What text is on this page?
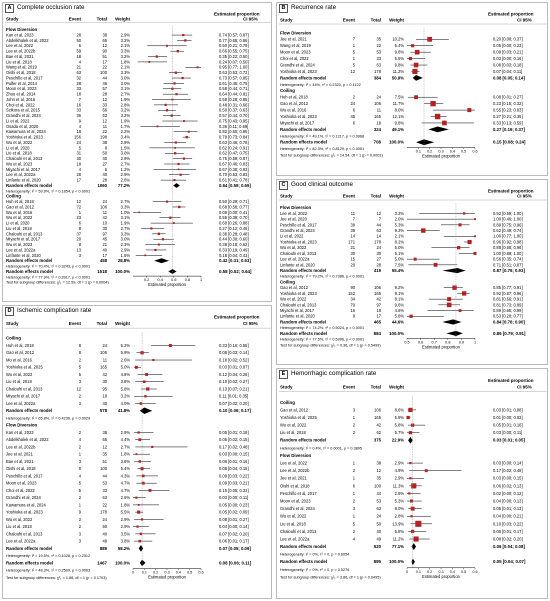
A Complete occlusion rate
Study	Event	Total Weight
Estimated proportion
CI 95%
Flow Diversion
Kan et al, 2023	28	38	2.9%	0.74 [0.57; 0.87]
Abdelkhalek et al, 2022	50	65	3.2%	0.77 [0.65; 0.86]
Lee et al, 2022	6	12	2.1%	0.50 [0.21; 0.79]
Lee et al, 2022b	59	90	3.3%	0.66 [0.55; 0.75]
Bae et al, 2021	18	51	3.2%	0.35 [0.22; 0.50]
Liu et al, 2018	4	17	1.8%	0.24 [0.07; 0.50]
Wang et al, 2019	21	22	2.1%	0.95 [0.77; 1.00]
Oishi et al, 2018	63	100	3.3%	0.63 [0.53; 0.72]
Peschillo et al, 2017	32	44	3.0%	0.73 [0.57; 0.85]
Pulfer et al, 2014	28	46	3.0%	0.61 [0.45; 0.75]
Moon et al, 2023	33	57	3.1%	0.58 [0.44; 0.71]
Zhou et al, 2014	18	28	2.7%	0.64 [0.44; 0.81]
John et al, 2016	7	12	1.9%	0.58 [0.28; 0.85]
Choi et al, 2022	16	33	2.8%	0.48 [0.31; 0.66]
Szikora et al, 2015	33	66	3.2%	0.50 [0.37; 0.63]
Grandhi et al, 2024	36	63	3.2%	0.57 [0.44; 0.70]
Li et al, 2022	9	12	1.9%	0.75 [0.43; 0.95]
Osada et al, 2020	4	11	1.7%	0.36 [0.11; 0.69]
Kawamura et al, 2024	18	22	2.2%	0.82 [0.60; 0.95]
Yoshioka et al, 2023	156	198	3.4%	0.79 [0.73; 0.84]
Wu et al, 2022	24	38	2.9%	0.63 [0.46; 0.78]
Li et al, 2020	5	8	1.5%	0.62 [0.24; 0.91]
Liu et al, 2018	31	50	3.0%	0.62 [0.47; 0.75]
Chalouhi et al, 2013	30	40	2.9%	0.75 [0.59; 0.87]
Wu et al, 2023	18	27	2.7%	0.67 [0.46; 0.83]
Miyachi et al, 2017	4	6	1.2%	0.67 [0.30; 0.93]
Lee et al, 2022a	28	40	2.9%	0.70 [0.53; 0.83]
Linfante et al, 2020	17	28	2.6%	0.61 [0.41; 0.78]
Random effects model	1060	77.2%	0.64 [0.59; 0.69]
Heterogeneity: I² = 59.9%, τ² = 0.1854, p < 0.0001
Coiling
Huh et al, 2018	12	24	2.7%	0.50 [0.29; 0.71]
Gao et al, 2012	72	106	3.3%	0.68 [0.58; 0.77]
Wu et al, 2016	1	11	1.0%	0.09 [0.00; 0.41]
Wu et al, 2022	23	42	3.1%	0.55 [0.39; 0.70]
Li et al, 2020	6	10	1.9%	0.60 [0.26; 0.88]
Liu et al, 2018	8	30	2.7%	0.27 [0.12; 0.46]
Chalouhi et al, 2013	37	97	3.3%	0.38 [0.28; 0.48]
Miyachi et al, 2017	20	45	3.0%	0.44 [0.30; 0.60]
Wu et al, 2023	8	21	2.3%	0.38 [0.18; 0.62]
Lee et al, 2022a	13	40	2.9%	0.33 [0.19; 0.49]
Linfante et al, 2020	3	17	1.5%	0.18 [0.04; 0.43]
Random effects model	458	28.8%	0.42 [0.31; 0.53]
Heterogeneity: I² = 70.4%, τ² = 0.3243, p < 0.0001
Random effects model	1518 100.0%	0.58 [0.52; 0.64]
0.2 0.4 0.6 0.8	1
Estimated proportion
Heterogeneity: I² = 77.9%, τ² = 0.3917, p < 0.0001
Test for subgroup differences: χ²₁ = 12.59, df = 1 (p = 0.0004)
B Recurrence rate
Study	Event	Total Weight
Estimated proportion
CI 95%
Flow Diversion
Jee et al, 2021	7	35	10.2%	0.20 [0.08; 0.37]
Wang et al, 2019	1	22	5.4%	0.05 [0.00; 0.23]
Moon et al, 2023	5	53	9.8%	0.09 [0.03; 0.21]
Choi et al, 2022	1	33	5.5%	0.03 [0.00; 0.16]
Grandhi et al, 2024	5	63	9.8%	0.08 [0.03; 0.18]
Yoshioka et al, 2023	12	178	11.2%	0.07 [0.04; 0.11]
Random effects model	384	50.9%	0.08 [0.05; 0.14]
Heterogeneity: I² = 44%, τ² = 0.2320, p = 0.1122
Coiling
Huh et al, 2018	2	24	7.5%	0.08 [0.01; 0.27]
Gao et al, 2012	24	106	11.7%	0.23 [0.15; 0.32]
Wu et al, 2016	6	11	8.0%	0.55 [0.23; 0.83]
Yoshioka et al, 2023	45	165	12.1%	0.27 [0.21; 0.35]
Miyachi et al, 2017	6	18	9.8%	0.33 [0.13; 0.59]
Random effects model	324	49.1%	0.27 [0.19; 0.37]
Heterogeneity: I² = 49.1%, τ² = 0.1217, p = 0.0968
Random effects model	708 100.0%	0.15 [0.08; 0.24]
0.1 0.2 0.3 0.4 0.5 0.6
Estimated proportion
Heterogeneity: I² = 82.3%, τ² = 0.8129, p < 0.0001
Test for subgroup differences: χ²₁ = 14.54, df = 1 (p = 0.0001)
C Good clinical outcome
Study	Event	Total Weight
Estimated proportion
CI 95%
Flow Diversion
Lee et al, 2022	11	12	3.3%	0.92 [0.59; 1.00]
Jee et al, 2020	7	7	2.0%	1.00 [0.46; 1.00]
Peschillo et al, 2017	39	44	5.3%	0.89 [0.75; 0.96]
Grandhi et al, 2024	39	63	9.3%	0.62 [0.49; 0.74]
Li et al, 2022	14	14	2.1%	1.00 [0.77; 1.00]
Yoshioka et al, 2023	171	178	8.2%	0.96 [0.92; 0.98]
Wu et al, 2022	21	24	6.0%	0.88 [0.68; 0.96]
Chalouhi et al, 2013	30	30	5.1%	1.00 [0.88; 1.00]
Lee et al, 2022a	15	27	5.0%	0.56 [0.35; 0.74]
Linfante et al, 2020	20	28	7.5%	0.71 [0.51; 0.87]
Random effects model	419	55.4%	0.87 [0.76; 0.93]
Heterogeneity: I² = 79.2%, τ² = 0.7386, p < 0.0001
Coiling
Gao et al, 2012	90	106	9.2%	0.85 [0.77; 0.91]
Yoshioka et al, 2023	152	165	9.1%	0.92 [0.87; 0.96]
Wu et al, 2022	34	42	8.1%	0.81 [0.66; 0.91]
Chalouhi et al, 2013	79	97	9.6%	0.81 [0.73; 0.89]
Miyachi et al, 2017	16	18	4.6%	0.89 [0.65; 0.99]
Linfante et al, 2020	9	17	5.8%	0.53 [0.28; 0.77]
Random effects model	465	44.6%	0.84 [0.76; 0.90]
Heterogeneity: I² = 74.2%, τ² = 0.5024, p = 0.0001
Random effects model	884 100.0%	0.86 [0.79; 0.91]
0.5 0.6 0.7 0.8 0.9	1
Estimated proportion
Heterogeneity: I² = 77.5%, τ² = 0.5396, p < 0.0001
Test for subgroup differences: χ²₁ = 0.36, df = 1 (p = 0.5499)
D Ischemic complication rate
Study	Event	Total Weight
Estimated proportion
CI 95%
Coiling
Huh et al, 2018	8	24	5.2%	0.33 [0.16; 0.55]
Gao et al, 2012	8	106	5.9%	0.08 [0.03; 0.14]
Mo et al, 2016	2	11	2.6%	0.18 [0.02; 0.52]
Yoshioka et al, 2025	5	165	5.0%	0.03 [0.01; 0.07]
Wu et al, 2022	5	42	4.8%	0.12 [0.04; 0.26]
Liu et al, 2018	3	30	3.8%	0.10 [0.02; 0.27]
Chalouhi et al, 2013	12	95	5.8%	0.13 [0.07; 0.21]
Miyachi et al, 2017	2	18	3.2%	0.11 [0.01; 0.35]
Lee et al, 2022a	3	40	4.0%	0.07 [0.02; 0.20]
Random effects model	578	41.8%	0.10 [0.06; 0.17]
Heterogeneity: I² = 65.8%, τ² = 0.4236, p = 0.0029
Flow Diversion
Kan et al, 2023	2	38	2.9%	0.05 [0.01; 0.18]
Abdelkhalek et al, 2022	4	65	4.4%	0.06 [0.02; 0.15]
Lee et al, 2022b	2	12	2.7%	0.17 [0.02; 0.48]
Jee et al, 2021	1	35	1.8%	0.03 [0.00; 0.15]
Bae et al, 2021	3	51	3.6%	0.06 [0.01; 0.16]
Oishi et al, 2018	8	100	5.4%	0.08 [0.04; 0.15]
Peschillo et al, 2017	4	44	4.3%	0.09 [0.03; 0.22]
Moon et al, 2023	5	53	4.7%	0.09 [0.03; 0.21]
Choi et al, 2022	5	33	4.7%	0.15 [0.05; 0.32]
Grandhi et al, 2024	2	63	2.6%	0.03 [0.00; 0.11]
Kawamura et al, 2024	1	22	1.8%	0.05 [0.00; 0.23]
Yoshioka et al, 2023	9	178	5.5%	0.05 [0.02; 0.09]
Wu et al, 2022	2	24	2.9%	0.08 [0.01; 0.27]
Liu et al, 2018	2	50	2.9%	0.04 [0.00; 0.14]
Chalouhi et al, 2013	3	40	3.5%	0.07 [0.02; 0.20]
Lee et al, 2022a	3	49	3.8%	0.06 [0.01; 0.17]
Random effects model	889	58.2%	0.07 [0.05; 0.09]
Heterogeneity: I² = 19.5%, τ² = 0.1028, p = 0.2312
Random effects model	1467 100.0%	0.08 [0.06; 0.11]
0 0.1 0.2 0.3 0.4 0.5 0.6
Estimated proportion
Heterogeneity: I² = 48.3%, τ² = 0.2509, p = 0.0063
Test for subgroup differences: χ²₁ = 1.88, df = 1 (p = 0.1703)
E Hemorrhagic complication rate
Study	Event	Total Weight
Estimated proportion
CI 95%
Coiling
Gao et al, 2012	3	106	8.6%	0.03 [0.01; 0.08]
Yoshioka et al, 2025	1	165	5.9%	0.01 [0.00; 0.03]
Wu et al, 2022	2	42	5.8%	0.05 [0.01; 0.16]
Liu et al, 2018	2	62	5.7%	0.03 [0.00; 0.11]
Random effects model	375	22.9%	0.03 [0.01; 0.05]
Heterogeneity: I² = 0.4%, τ² = 0.0001, p = 0.3895
Flow Diversion
Lee et al, 2022	1	38	2.9%	0.03 [0.00; 0.14]
Lee et al, 2022b	2	12	4.9%	0.17 [0.02; 0.48]
Jee et al, 2021	1	35	2.9%	0.03 [0.00; 0.15]
Oishi et al, 2018	6	100	11.3%	0.06 [0.02; 0.13]
Peschillo et al, 2017	1	44	2.8%	0.02 [0.00; 0.12]
Moon et al, 2023	2	53	5.3%	0.04 [0.00; 0.13]
Grandhi et al, 2024	3	63	8.0%	0.05 [0.01; 0.13]
Wu et al, 2022	1	24	2.8%	0.04 [0.00; 0.21]
Liu et al, 2018	5	50	13.9%	0.10 [0.03; 0.22]
Chalouhi et al, 2013	2	40	5.8%	0.05 [0.01; 0.17]
Lee et al, 2022a	4	49	11.2%	0.08 [0.02; 0.20]
Random effects model	520	77.1%	0.06 [0.04; 0.08]
Heterogeneity: I² = 0%, τ² = 0, p = 0.6054
Random effects model	895 100.0%	0.05 [0.04; 0.07]
0 0.1 0.2 0.3 0.4 0.5 0.6
Estimated proportion
Heterogeneity: I² = 0%, τ² = 0, p = 0.5276
Test for subgroup differences: χ²₁ = 3.86, df = 1 (p = 0.0495)
